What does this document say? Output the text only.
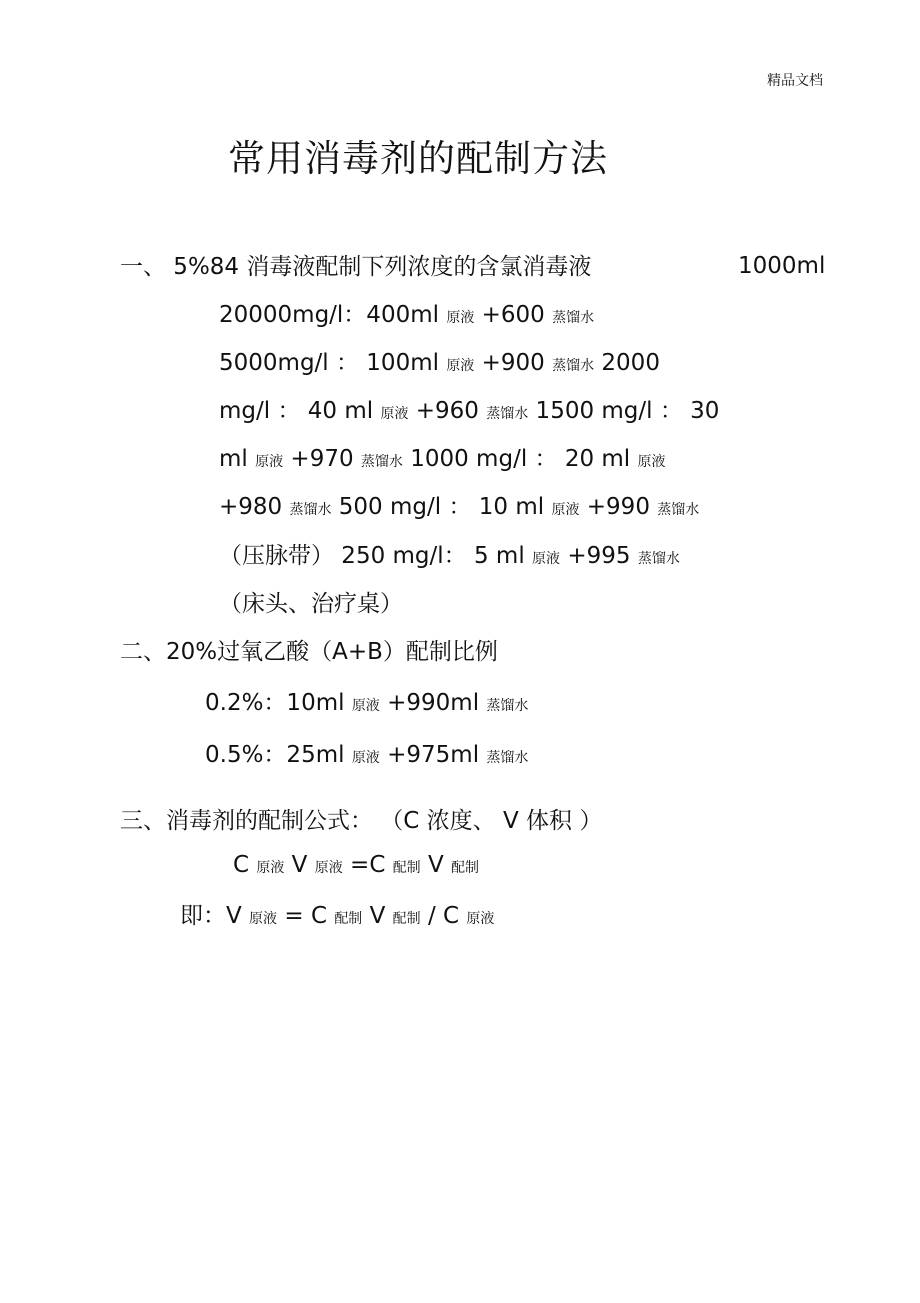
精品文档
常用消毒剂的配制方法
一、 5%84 消毒液配制下列浓度的含氯消毒液	1000ml
20000mg/l：400ml 原液 +600 蒸馏水
5000mg/l ： 100ml 原液 +900 蒸馏水 2000
mg/l ： 40 ml 原液 +960 蒸馏水 1500 mg/l ： 30
ml 原液 +970 蒸馏水 1000 mg/l ： 20 ml 原液
+980 蒸馏水 500 mg/l ： 10 ml 原液 +990 蒸馏水
（压脉带） 250 mg/l： 5 ml 原液 +995 蒸馏水
（床头、治疗桌）
二、20%过氧乙酸（A+B）配制比例
0.2%：10ml 原液 +990ml 蒸馏水
0.5%：25ml 原液 +975ml 蒸馏水
三、消毒剂的配制公式： （C 浓度、 V 体积 ）
C 原液 V 原液 =C 配制 V 配制
即：V 原液 = C 配制 V 配制 / C 原液
